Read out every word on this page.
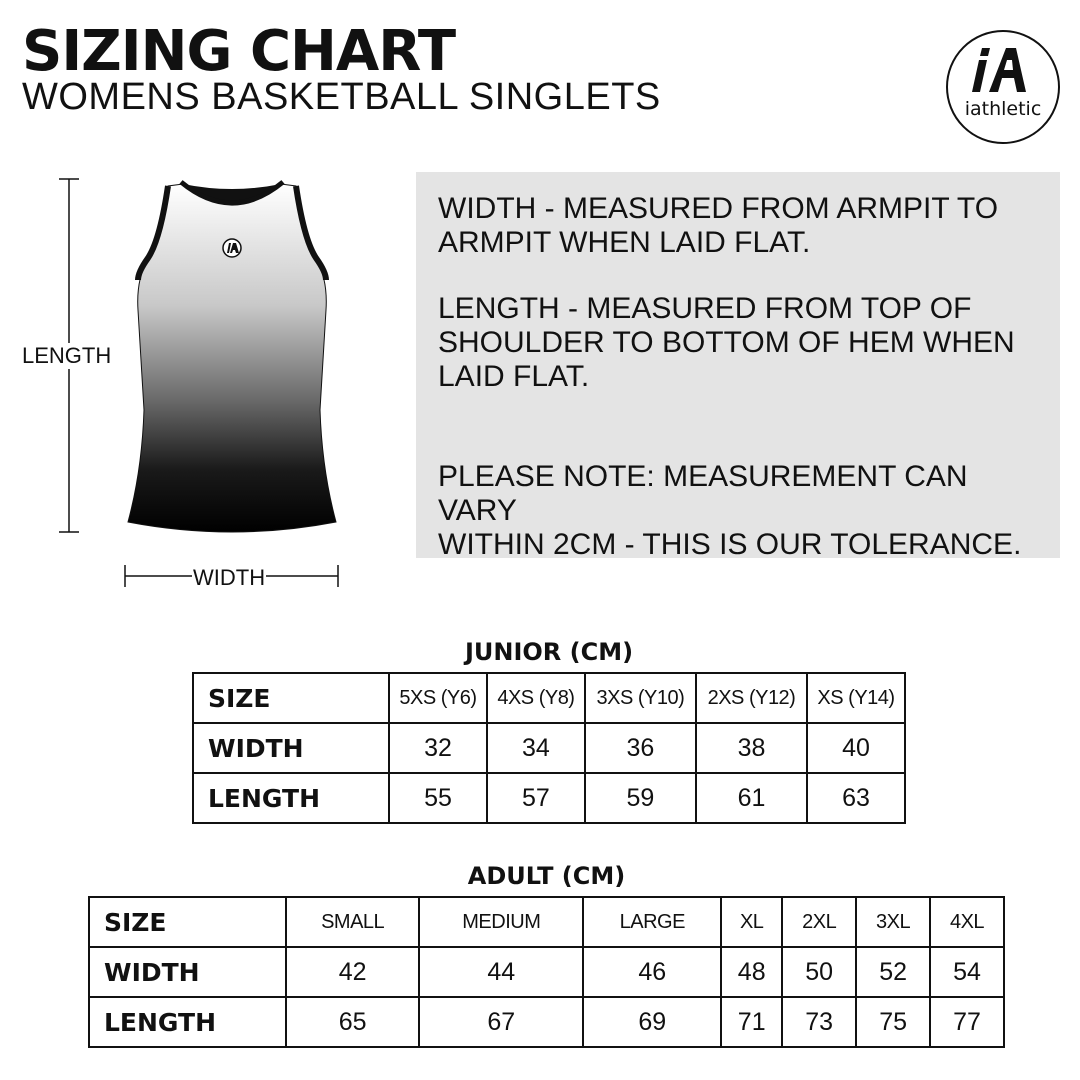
SIZING CHART
WOMENS BASKETBALL SINGLETS	iathletic
LENGTH
WIDTH

WIDTH - MEASURED FROM ARMPIT TO
ARMPIT WHEN LAID FLAT.

LENGTH - MEASURED FROM TOP OF
SHOULDER TO BOTTOM OF HEM WHEN
LAID FLAT.

PLEASE NOTE: MEASUREMENT CAN VARY
WITHIN 2CM - THIS IS OUR TOLERANCE.

JUNIOR (CM)
SIZE	5XS (Y6)	4XS (Y8)	3XS (Y10)	2XS (Y12)	XS (Y14)
WIDTH	32	34	36	38	40
LENGTH	55	57	59	61	63
ADULT (CM)
SIZE	SMALL	MEDIUM	LARGE	XL	2XL	3XL	4XL
WIDTH	42	44	46	48	50	52	54
LENGTH	65	67	69	71	73	75	77
